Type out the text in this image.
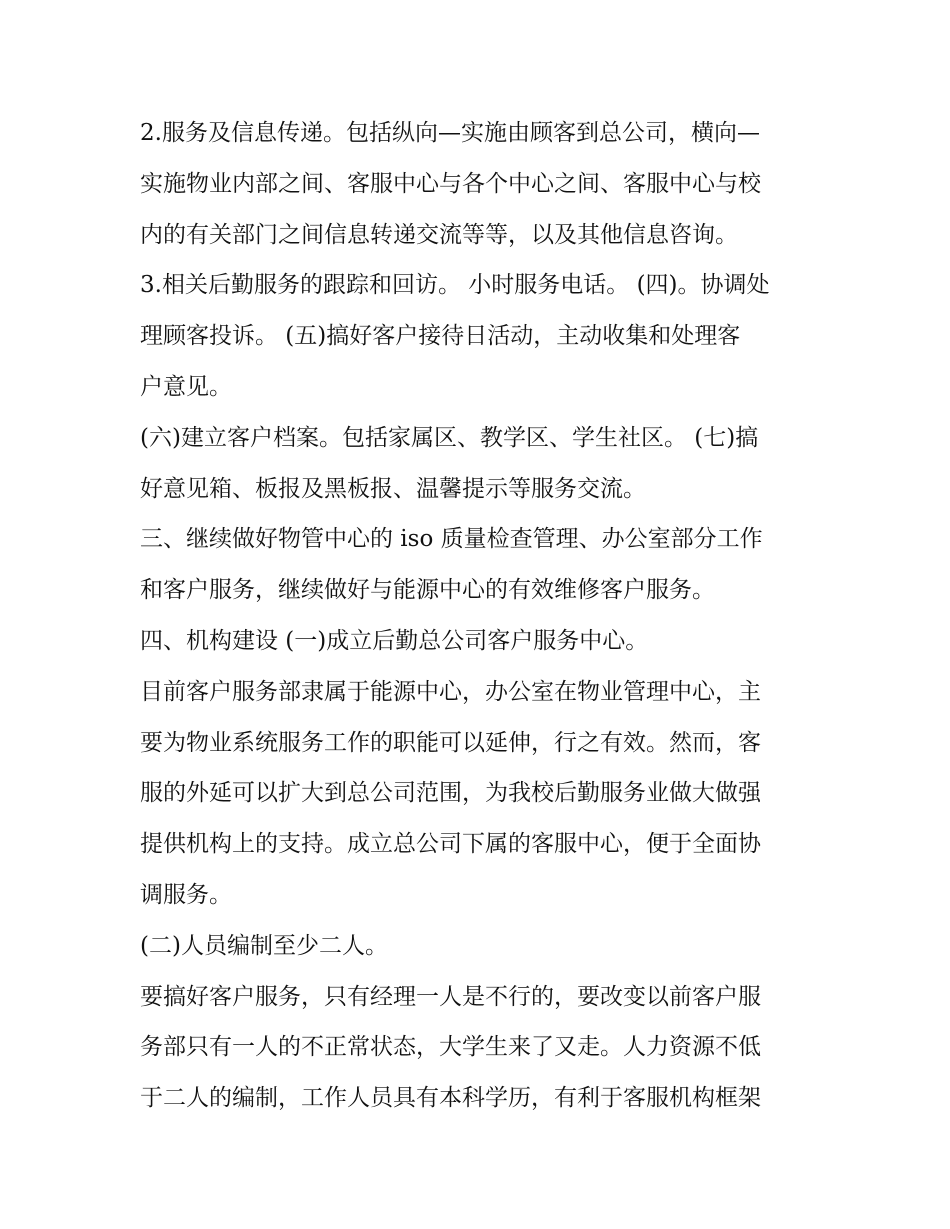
2.服务及信息传递。包括纵向—实施由顾客到总公司，横向—
实施物业内部之间、客服中心与各个中心之间、客服中心与校
内的有关部门之间信息转递交流等等，以及其他信息咨询。
3.相关后勤服务的跟踪和回访。 小时服务电话。 (四)。协调处
理顾客投诉。 (五)搞好客户接待日活动，主动收集和处理客
户意见。
(六)建立客户档案。包括家属区、教学区、学生社区。 (七)搞
好意见箱、板报及黑板报、温馨提示等服务交流。
三、继续做好物管中心的 iso 质量检查管理、办公室部分工作
和客户服务，继续做好与能源中心的有效维修客户服务。
四、机构建设 (一)成立后勤总公司客户服务中心。
目前客户服务部隶属于能源中心，办公室在物业管理中心，主
要为物业系统服务工作的职能可以延伸，行之有效。然而，客
服的外延可以扩大到总公司范围，为我校后勤服务业做大做强
提供机构上的支持。成立总公司下属的客服中心，便于全面协
调服务。
(二)人员编制至少二人。
要搞好客户服务，只有经理一人是不行的，要改变以前客户服
务部只有一人的不正常状态，大学生来了又走。人力资源不低
于二人的编制，工作人员具有本科学历，有利于客服机构框架
